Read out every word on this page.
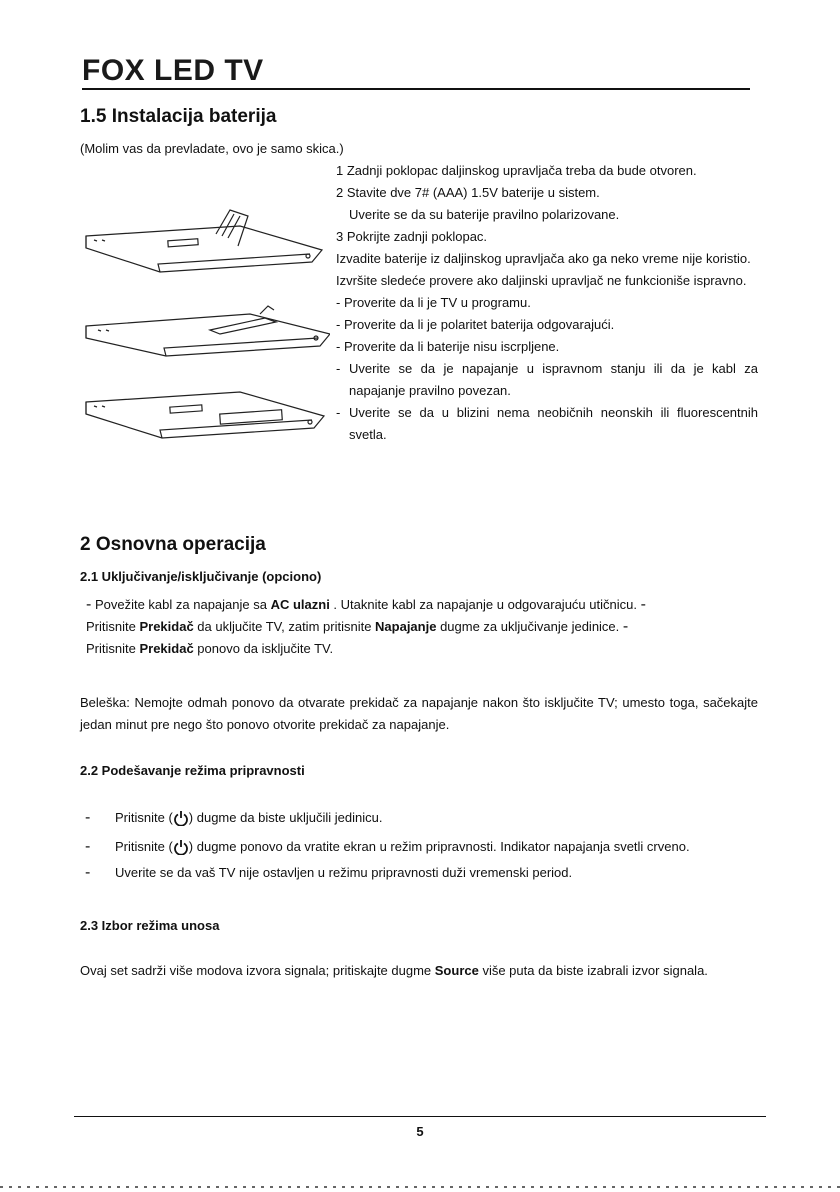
FOX LED TV
1.5 Instalacija baterija
(Molim vas da prevladate, ovo je samo skica.)

1 Zadnji poklopac daljinskog upravljača treba da bude otvoren.

2 Stavite dve 7# (AAA) 1.5V baterije u sistem.

Uverite se da su baterije pravilno polarizovane.

3 Pokrijte zadnji poklopac.

Izvadite baterije iz daljinskog upravljača ako ga neko vreme nije koristio.

Izvršite sledeće provere ako daljinski upravljač ne funkcioniše ispravno.

- Proverite da li je TV u programu.

- Proverite da li je polaritet baterija odgovarajući.

- Proverite da li baterije nisu iscrpljene.

- Uverite se da je napajanje u ispravnom stanju ili da je kabl za napajanje pravilno povezan.
- Uverite se da u blizini nema neobičnih neonskih ili fluorescentnih svetla.
2 Osnovna operacija
2.1 Uključivanje/isključivanje (opciono)
- Povežite kabl za napajanje sa AC ulazni . Utaknite kabl za napajanje u odgovarajuću utičnicu. -
Pritisnite Prekidač da uključite TV, zatim pritisnite Napajanje dugme za uključivanje jedinice. -
Pritisnite Prekidač ponovo da isključite TV.
Beleška: Nemojte odmah ponovo da otvarate prekidač za napajanje nakon što isključite TV; umesto toga, sačekajte jedan minut pre nego što ponovo otvorite prekidač za napajanje.
2.2 Podešavanje režima pripravnosti
-	Pritisnite ( ) dugme da biste uključili jedinicu.
-	Pritisnite ( ) dugme ponovo da vratite ekran u režim pripravnosti. Indikator napajanja svetli crveno.
-	Uverite se da vaš TV nije ostavljen u režimu pripravnosti duži vremenski period.
2.3 Izbor režima unosa
Ovaj set sadrži više modova izvora signala; pritiskajte dugme Source više puta da biste izabrali izvor signala.
5
